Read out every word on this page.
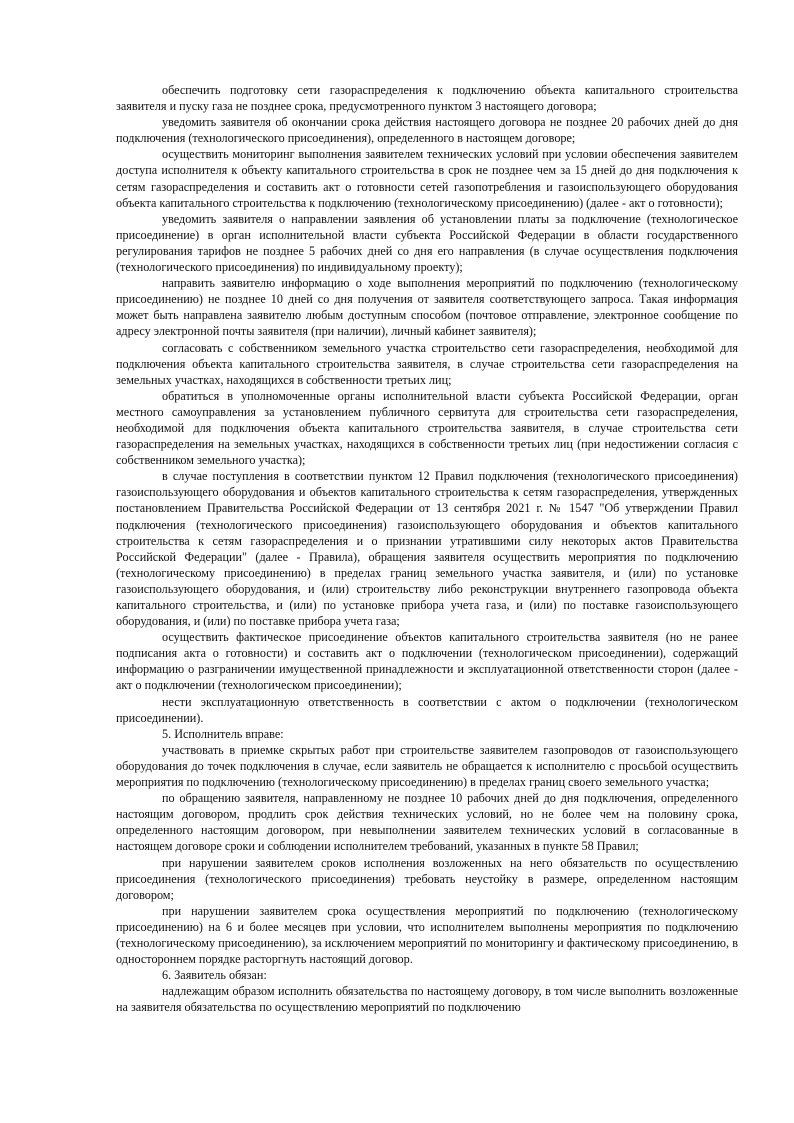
обеспечить подготовку сети газораспределения к подключению объекта капитального строительства заявителя и пуску газа не позднее срока, предусмотренного пунктом 3 настоящего договора;

уведомить заявителя об окончании срока действия настоящего договора не позднее 20 рабочих дней до дня подключения (технологического присоединения), определенного в настоящем договоре;

осуществить мониторинг выполнения заявителем технических условий при условии обеспечения заявителем доступа исполнителя к объекту капитального строительства в срок не позднее чем за 15 дней до дня подключения к сетям газораспределения и составить акт о готовности сетей газопотребления и газоиспользующего оборудования объекта капитального строительства к подключению (технологическому присоединению) (далее - акт о готовности);

уведомить заявителя о направлении заявления об установлении платы за подключение (технологическое присоединение) в орган исполнительной власти субъекта Российской Федерации в области государственного регулирования тарифов не позднее 5 рабочих дней со дня его направления (в случае осуществления подключения (технологического присоединения) по индивидуальному проекту);

направить заявителю информацию о ходе выполнения мероприятий по подключению (технологическому присоединению) не позднее 10 дней со дня получения от заявителя соответствующего запроса. Такая информация может быть направлена заявителю любым доступным способом (почтовое отправление, электронное сообщение по адресу электронной почты заявителя (при наличии), личный кабинет заявителя);

согласовать с собственником земельного участка строительство сети газораспределения, необходимой для подключения объекта капитального строительства заявителя, в случае строительства сети газораспределения на земельных участках, находящихся в собственности третьих лиц;

обратиться в уполномоченные органы исполнительной власти субъекта Российской Федерации, орган местного самоуправления за установлением публичного сервитута для строительства сети газораспределения, необходимой для подключения объекта капитального строительства заявителя, в случае строительства сети газораспределения на земельных участках, находящихся в собственности третьих лиц (при недостижении согласия с собственником земельного участка);

в случае поступления в соответствии пунктом 12 Правил подключения (технологического присоединения) газоиспользующего оборудования и объектов капитального строительства к сетям газораспределения, утвержденных постановлением Правительства Российской Федерации от 13 сентября 2021 г. № 1547 "Об утверждении Правил подключения (технологического присоединения) газоиспользующего оборудования и объектов капитального строительства к сетям газораспределения и о признании утратившими силу некоторых актов Правительства Российской Федерации" (далее - Правила), обращения заявителя осуществить мероприятия по подключению (технологическому присоединению) в пределах границ земельного участка заявителя, и (или) по установке газоиспользующего оборудования, и (или) строительству либо реконструкции внутреннего газопровода объекта капитального строительства, и (или) по установке прибора учета газа, и (или) по поставке газоиспользующего оборудования, и (или) по поставке прибора учета газа;

осуществить фактическое присоединение объектов капитального строительства заявителя (но не ранее подписания акта о готовности) и составить акт о подключении (технологическом присоединении), содержащий информацию о разграничении имущественной принадлежности и эксплуатационной ответственности сторон (далее - акт о подключении (технологическом присоединении);

нести эксплуатационную ответственность в соответствии с актом о подключении (технологическом присоединении).

5. Исполнитель вправе:

участвовать в приемке скрытых работ при строительстве заявителем газопроводов от газоиспользующего оборудования до точек подключения в случае, если заявитель не обращается к исполнителю с просьбой осуществить мероприятия по подключению (технологическому присоединению) в пределах границ своего земельного участка;

по обращению заявителя, направленному не позднее 10 рабочих дней до дня подключения, определенного настоящим договором, продлить срок действия технических условий, но не более чем на половину срока, определенного настоящим договором, при невыполнении заявителем технических условий в согласованные в настоящем договоре сроки и соблюдении исполнителем требований, указанных в пункте 58 Правил;

при нарушении заявителем сроков исполнения возложенных на него обязательств по осуществлению присоединения (технологического присоединения) требовать неустойку в размере, определенном настоящим договором;

при нарушении заявителем срока осуществления мероприятий по подключению (технологическому присоединению) на 6 и более месяцев при условии, что исполнителем выполнены мероприятия по подключению (технологическому присоединению), за исключением мероприятий по мониторингу и фактическому присоединению, в одностороннем порядке расторгнуть настоящий договор.

6. Заявитель обязан:

надлежащим образом исполнить обязательства по настоящему договору, в том числе выполнить возложенные на заявителя обязательства по осуществлению мероприятий по подключению
